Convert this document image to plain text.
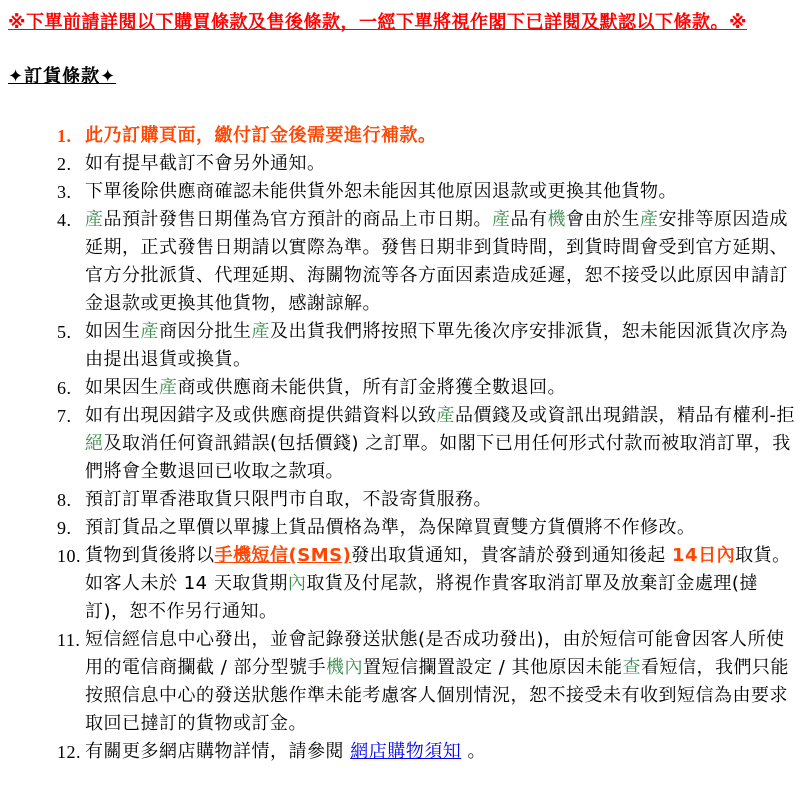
※下單前請詳閱以下購買條款及售後條款，一經下單將視作閣下已詳閱及默認以下條款。※
✦訂貨條款✦
1. 此乃訂購頁面，繳付訂金後需要進行補款。
2. 如有提早截訂不會另外通知。
3. 下單後除供應商確認未能供貨外恕未能因其他原因退款或更換其他貨物。
4. 產品預計發售日期僅為官方預計的商品上市日期。產品有機會由於生產安排等原因造成延期，正式發售日期請以實際為準。發售日期非到貨時間，到貨時間會受到官方延期、官方分批派貨、代理延期、海關物流等各方面因素造成延遲，恕不接受以此原因申請訂金退款或更換其他貨物，感謝諒解。
5. 如因生產商因分批生產及出貨我們將按照下單先後次序安排派貨，恕未能因派貨次序為由提出退貨或換貨。
6. 如果因生產商或供應商未能供貨，所有訂金將獲全數退回。
7. 如有出現因錯字及或供應商提供錯資料以致產品價錢及或資訊出現錯誤，精品有權利-拒絕及取消任何資訊錯誤(包括價錢) 之訂單。如閣下已用任何形式付款而被取消訂單，我們將會全數退回已收取之款項。
8. 預訂訂單香港取貨只限門市自取，不設寄貨服務。
9. 預訂貨品之單價以單據上貨品價格為準，為保障買賣雙方貨價將不作修改。
10. 貨物到貨後將以手機短信(SMS)發出取貨通知，貴客請於發到通知後起 14日內取貨。如客人未於 14 天取貨期內取貨及付尾款，將視作貴客取消訂單及放棄訂金處理(撻訂)，恕不作另行通知。
11. 短信經信息中心發出，並會記錄發送狀態(是否成功發出)，由於短信可能會因客人所使用的電信商攔截 / 部分型號手機內置短信攔置設定 / 其他原因未能查看短信，我們只能按照信息中心的發送狀態作準未能考慮客人個別情況，恕不接受未有收到短信為由要求取回已撻訂的貨物或訂金。
12. 有關更多網店購物詳情，請參閱 網店購物須知 。
